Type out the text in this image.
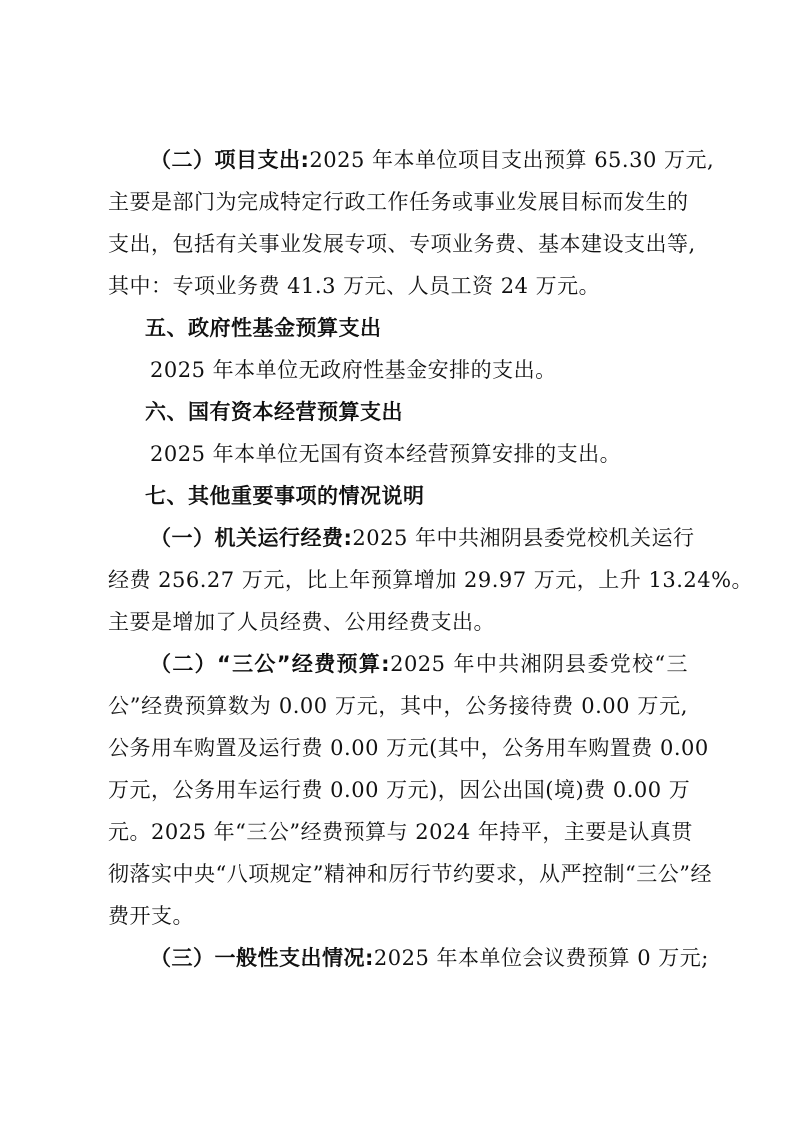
（二）项目支出:2025 年本单位项目支出预算 65.30 万元,
主要是部门为完成特定行政工作任务或事业发展目标而发生的
支出，包括有关事业发展专项、专项业务费、基本建设支出等,
其中：专项业务费 41.3 万元、人员工资 24 万元。
五、政府性基金预算支出
2025 年本单位无政府性基金安排的支出。
六、国有资本经营预算支出
2025 年本单位无国有资本经营预算安排的支出。
七、其他重要事项的情况说明
（一）机关运行经费:2025 年中共湘阴县委党校机关运行
经费 256.27 万元，比上年预算增加 29.97 万元，上升 13.24%。
主要是增加了人员经费、公用经费支出。
（二）“三公”经费预算:2025 年中共湘阴县委党校“三
公”经费预算数为 0.00 万元，其中，公务接待费 0.00 万元,
公务用车购置及运行费 0.00 万元(其中，公务用车购置费 0.00
万元，公务用车运行费 0.00 万元)，因公出国(境)费 0.00 万
元。2025 年“三公”经费预算与 2024 年持平，主要是认真贯
彻落实中央“八项规定”精神和厉行节约要求，从严控制“三公”经
费开支。
（三）一般性支出情况:2025 年本单位会议费预算 0 万元;
